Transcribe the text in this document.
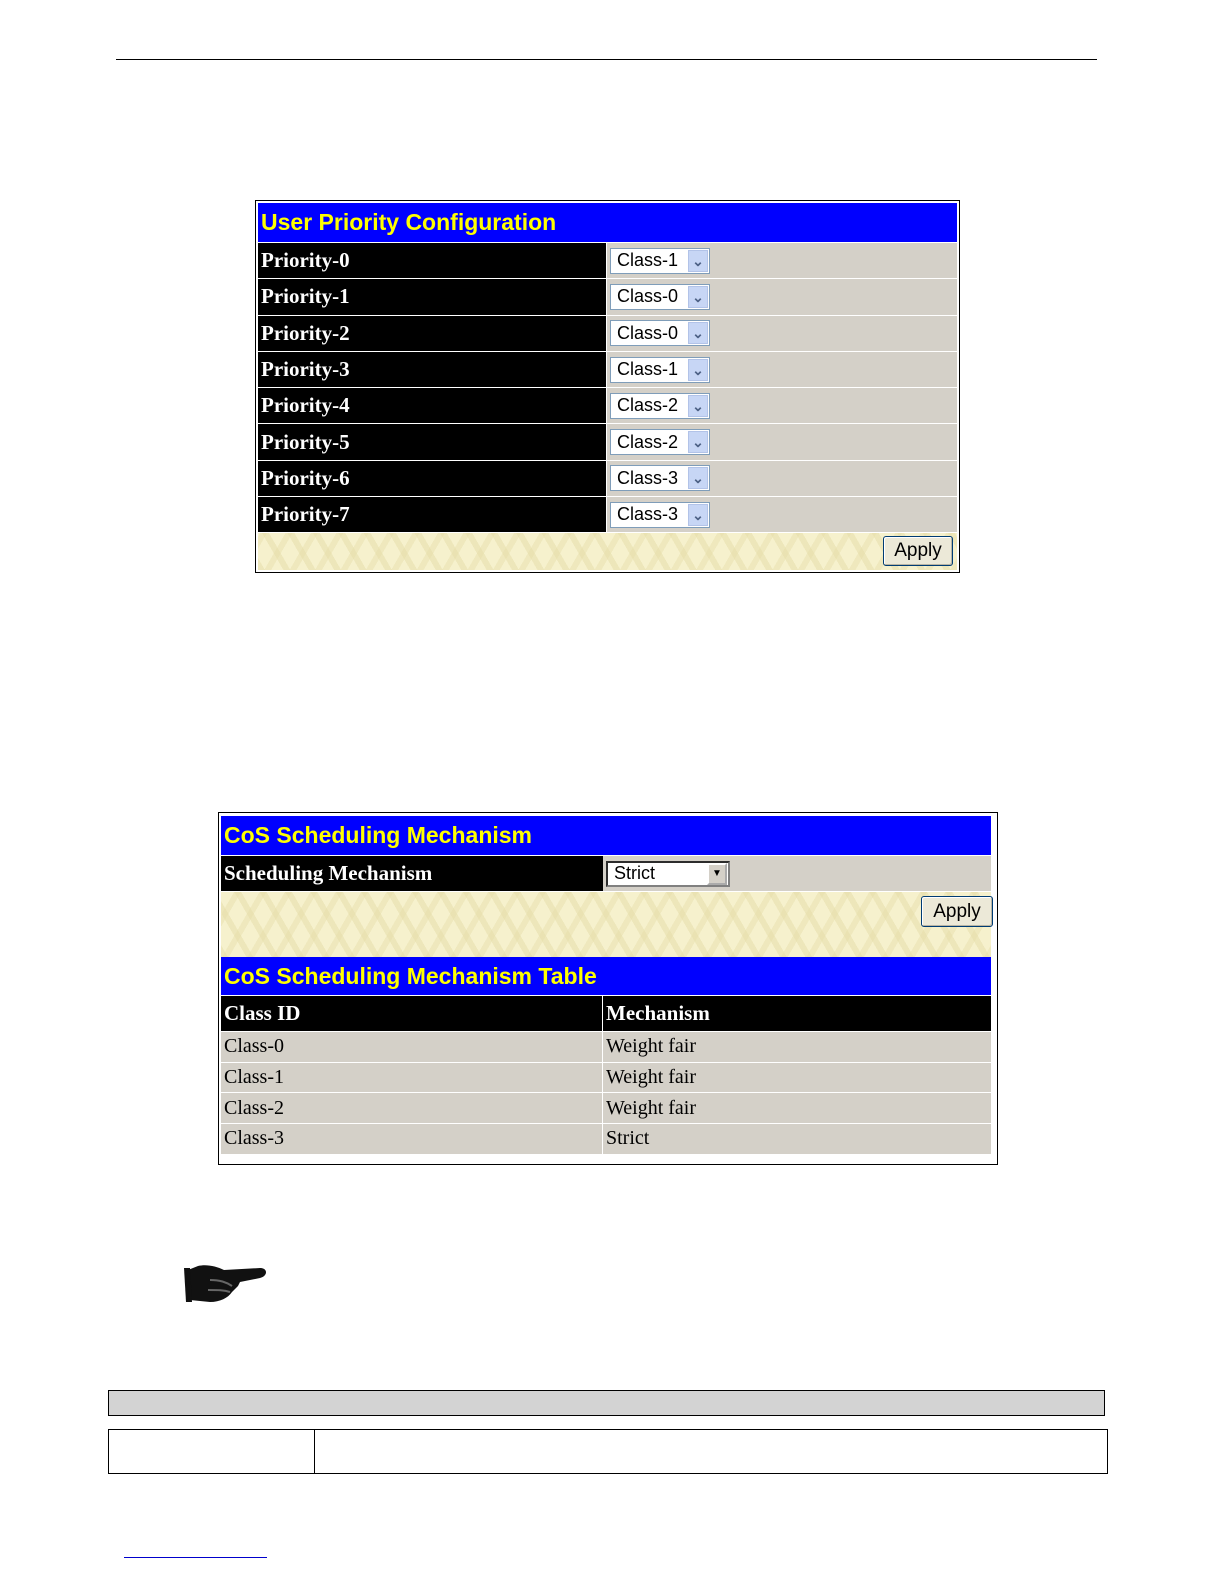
User Priority Configuration
Priority-0	Class-1	⌄
Priority-1	Class-0	⌄
Priority-2	Class-0	⌄
Priority-3	Class-1	⌄
Priority-4	Class-2	⌄
Priority-5	Class-2	⌄
Priority-6	Class-3	⌄
Priority-7	Class-3	⌄
Apply
CoS Scheduling Mechanism
Scheduling Mechanism	Strict	▼
Apply
CoS Scheduling Mechanism Table
Class ID	Mechanism
Class-0	Weight fair
Class-1	Weight fair
Class-2	Weight fair
Class-3	Strict
